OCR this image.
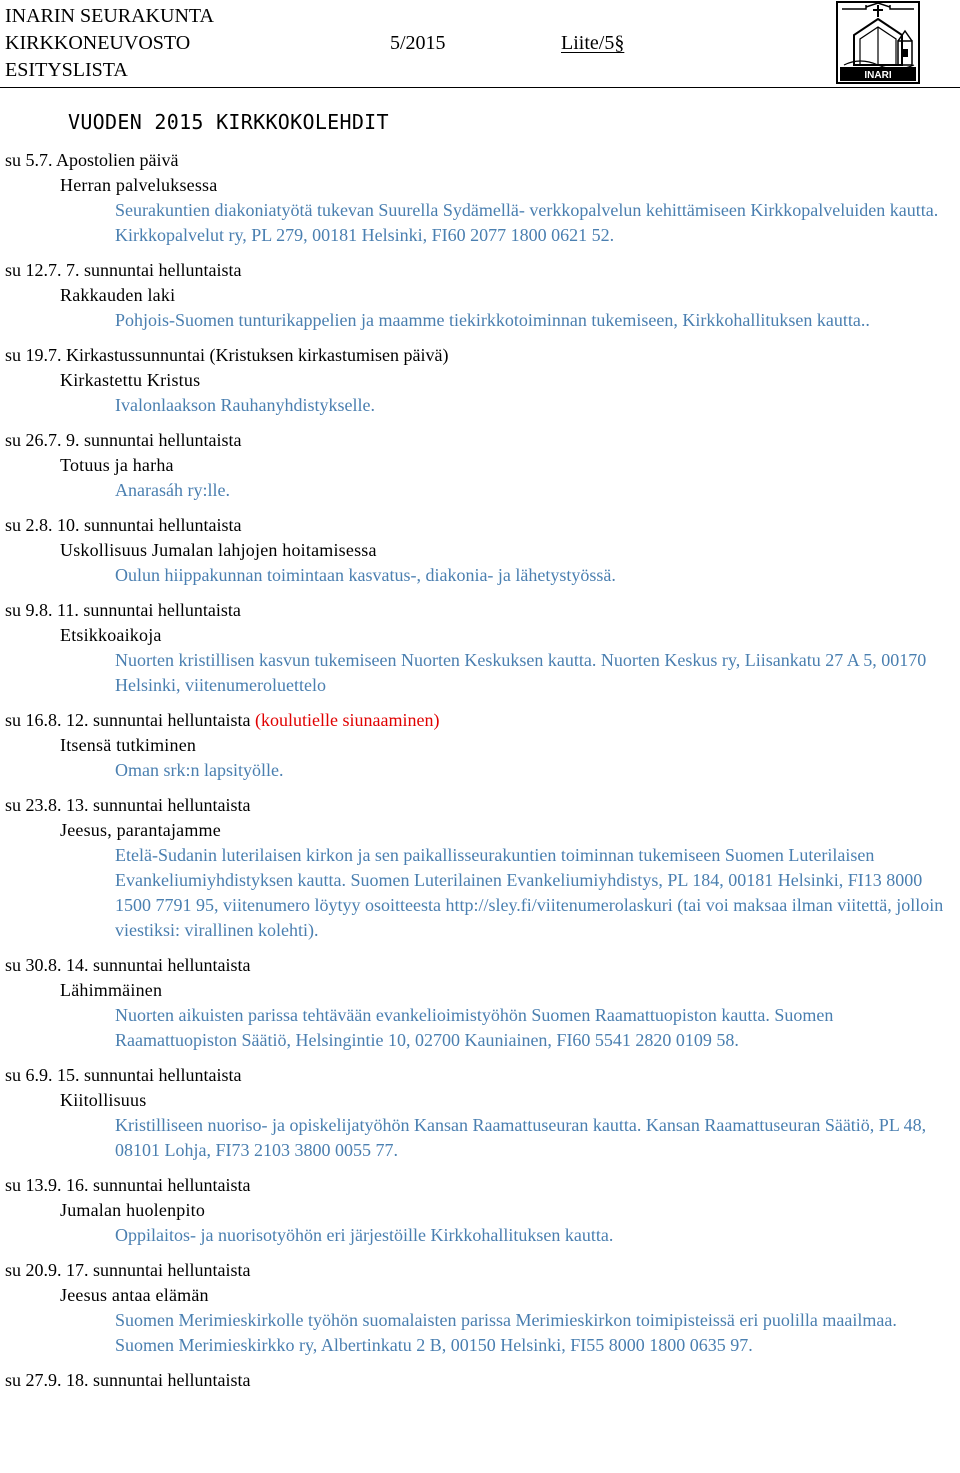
INARIN SEURAKUNTA
KIRKKONEUVOSTO	5/2015	Liite/5§
ESITYSLISTA	INARI
VUODEN 2015 KIRKKOKOLEHDIT
su 5.7. Apostolien päivä
Herran palveluksessa
Seurakuntien diakoniatyötä tukevan Suurella Sydämellä- verkkopalvelun kehittämiseen Kirkkopalveluiden kautta. Kirkkopalvelut ry, PL 279, 00181 Helsinki, FI60 2077 1800 0621 52.
su 12.7. 7. sunnuntai helluntaista
Rakkauden laki
Pohjois-Suomen tunturikappelien ja maamme tiekirkkotoiminnan tukemiseen, Kirkkohallituksen kautta..
su 19.7. Kirkastussunnuntai (Kristuksen kirkastumisen päivä)
Kirkastettu Kristus
Ivalonlaakson Rauhanyhdistykselle.
su 26.7. 9. sunnuntai helluntaista
Totuus ja harha
Anarasáh ry:lle.
su 2.8. 10. sunnuntai helluntaista
Uskollisuus Jumalan lahjojen hoitamisessa
Oulun hiippakunnan toimintaan kasvatus-, diakonia- ja lähetystyössä.
su 9.8. 11. sunnuntai helluntaista
Etsikkoaikoja
Nuorten kristillisen kasvun tukemiseen Nuorten Keskuksen kautta. Nuorten Keskus ry, Liisankatu 27 A 5, 00170 Helsinki, viitenumeroluettelo
su 16.8. 12. sunnuntai helluntaista (koulutielle siunaaminen)
Itsensä tutkiminen
Oman srk:n lapsityölle.
su 23.8. 13. sunnuntai helluntaista
Jeesus, parantajamme
Etelä-Sudanin luterilaisen kirkon ja sen paikallisseurakuntien toiminnan tukemiseen Suomen Luterilaisen Evankeliumiyhdistyksen kautta. Suomen Luterilainen Evankeliumiyhdistys, PL 184, 00181 Helsinki, FI13 8000 1500 7791 95, viitenumero löytyy osoitteesta http://sley.fi/viitenumerolaskuri (tai voi maksaa ilman viitettä, jolloin viestiksi: virallinen kolehti).
su 30.8. 14. sunnuntai helluntaista
Lähimmäinen
Nuorten aikuisten parissa tehtävään evankelioimistyöhön Suomen Raamattuopiston kautta. Suomen Raamattuopiston Säätiö, Helsingintie 10, 02700 Kauniainen, FI60 5541 2820 0109 58.
su 6.9. 15. sunnuntai helluntaista
Kiitollisuus
Kristilliseen nuoriso- ja opiskelijatyöhön Kansan Raamattuseuran kautta. Kansan Raamattuseuran Säätiö, PL 48, 08101 Lohja, FI73 2103 3800 0055 77.
su 13.9. 16. sunnuntai helluntaista
Jumalan huolenpito
Oppilaitos- ja nuorisotyöhön eri järjestöille Kirkkohallituksen kautta.
su 20.9. 17. sunnuntai helluntaista
Jeesus antaa elämän
Suomen Merimieskirkolle työhön suomalaisten parissa Merimieskirkon toimipisteissä eri puolilla maailmaa. Suomen Merimieskirkko ry, Albertinkatu 2 B, 00150 Helsinki, FI55 8000 1800 0635 97.
su 27.9. 18. sunnuntai helluntaista
